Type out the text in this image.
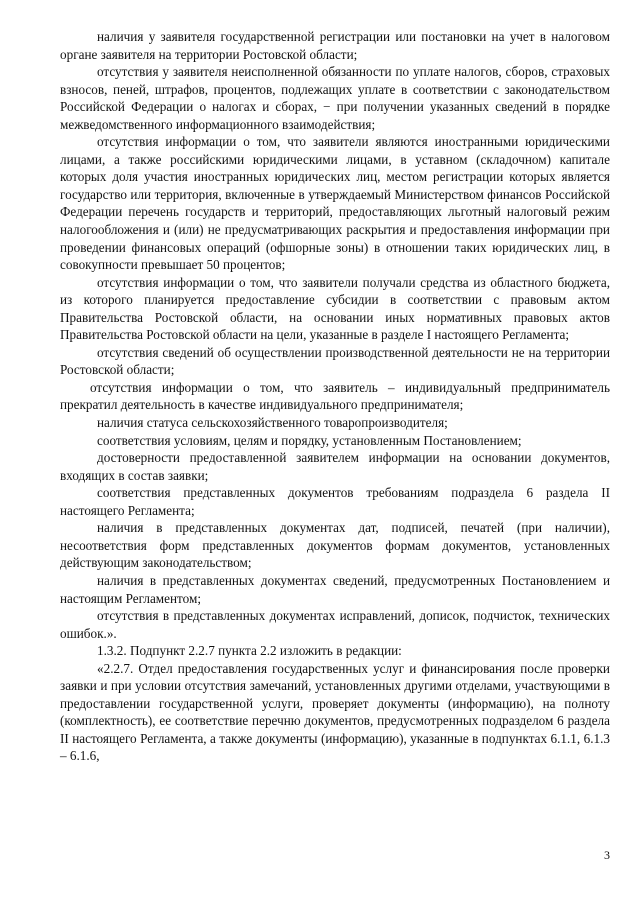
наличия у заявителя государственной регистрации или постановки на учет в налоговом органе заявителя на территории Ростовской области;

отсутствия у заявителя неисполненной обязанности по уплате налогов, сборов, страховых взносов, пеней, штрафов, процентов, подлежащих уплате в соответствии с законодательством Российской Федерации о налогах и сборах, − при получении указанных сведений в порядке межведомственного информационного взаимодействия;

отсутствия информации о том, что заявители являются иностранными юридическими лицами, а также российскими юридическими лицами, в уставном (складочном) капитале которых доля участия иностранных юридических лиц, местом регистрации которых является государство или территория, включенные в утверждаемый Министерством финансов Российской Федерации перечень государств и территорий, предоставляющих льготный налоговый режим налогообложения и (или) не предусматривающих раскрытия и предоставления информации при проведении финансовых операций (офшорные зоны) в отношении таких юридических лиц, в совокупности превышает 50 процентов;

отсутствия информации о том, что заявители получали средства из областного бюджета, из которого планируется предоставление субсидии в соответствии с правовым актом Правительства Ростовской области, на основании иных нормативных правовых актов Правительства Ростовской области на цели, указанные в разделе I настоящего Регламента;

отсутствия сведений об осуществлении производственной деятельности не на территории Ростовской области;

отсутствия информации о том, что заявитель – индивидуальный предприниматель прекратил деятельность в качестве индивидуального предпринимателя;

наличия статуса сельскохозяйственного товаропроизводителя;

соответствия условиям, целям и порядку, установленным Постановлением;

достоверности предоставленной заявителем информации на основании документов, входящих в состав заявки;

соответствия представленных документов требованиям подраздела 6 раздела II настоящего Регламента;

наличия в представленных документах дат, подписей, печатей (при наличии), несоответствия форм представленных документов формам документов, установленных действующим законодательством;

наличия в представленных документах сведений, предусмотренных Постановлением и настоящим Регламентом;

отсутствия в представленных документах исправлений, дописок, подчисток, технических ошибок.».

1.3.2. Подпункт 2.2.7 пункта 2.2 изложить в редакции:

«2.2.7. Отдел предоставления государственных услуг и финансирования после проверки заявки и при условии отсутствия замечаний, установленных другими отделами, участвующими в предоставлении государственной услуги, проверяет документы (информацию), на полноту (комплектность), ее соответствие перечню документов, предусмотренных подразделом 6 раздела II настоящего Регламента, а также документы (информацию), указанные в подпунктах 6.1.1, 6.1.3 – 6.1.6,

3
